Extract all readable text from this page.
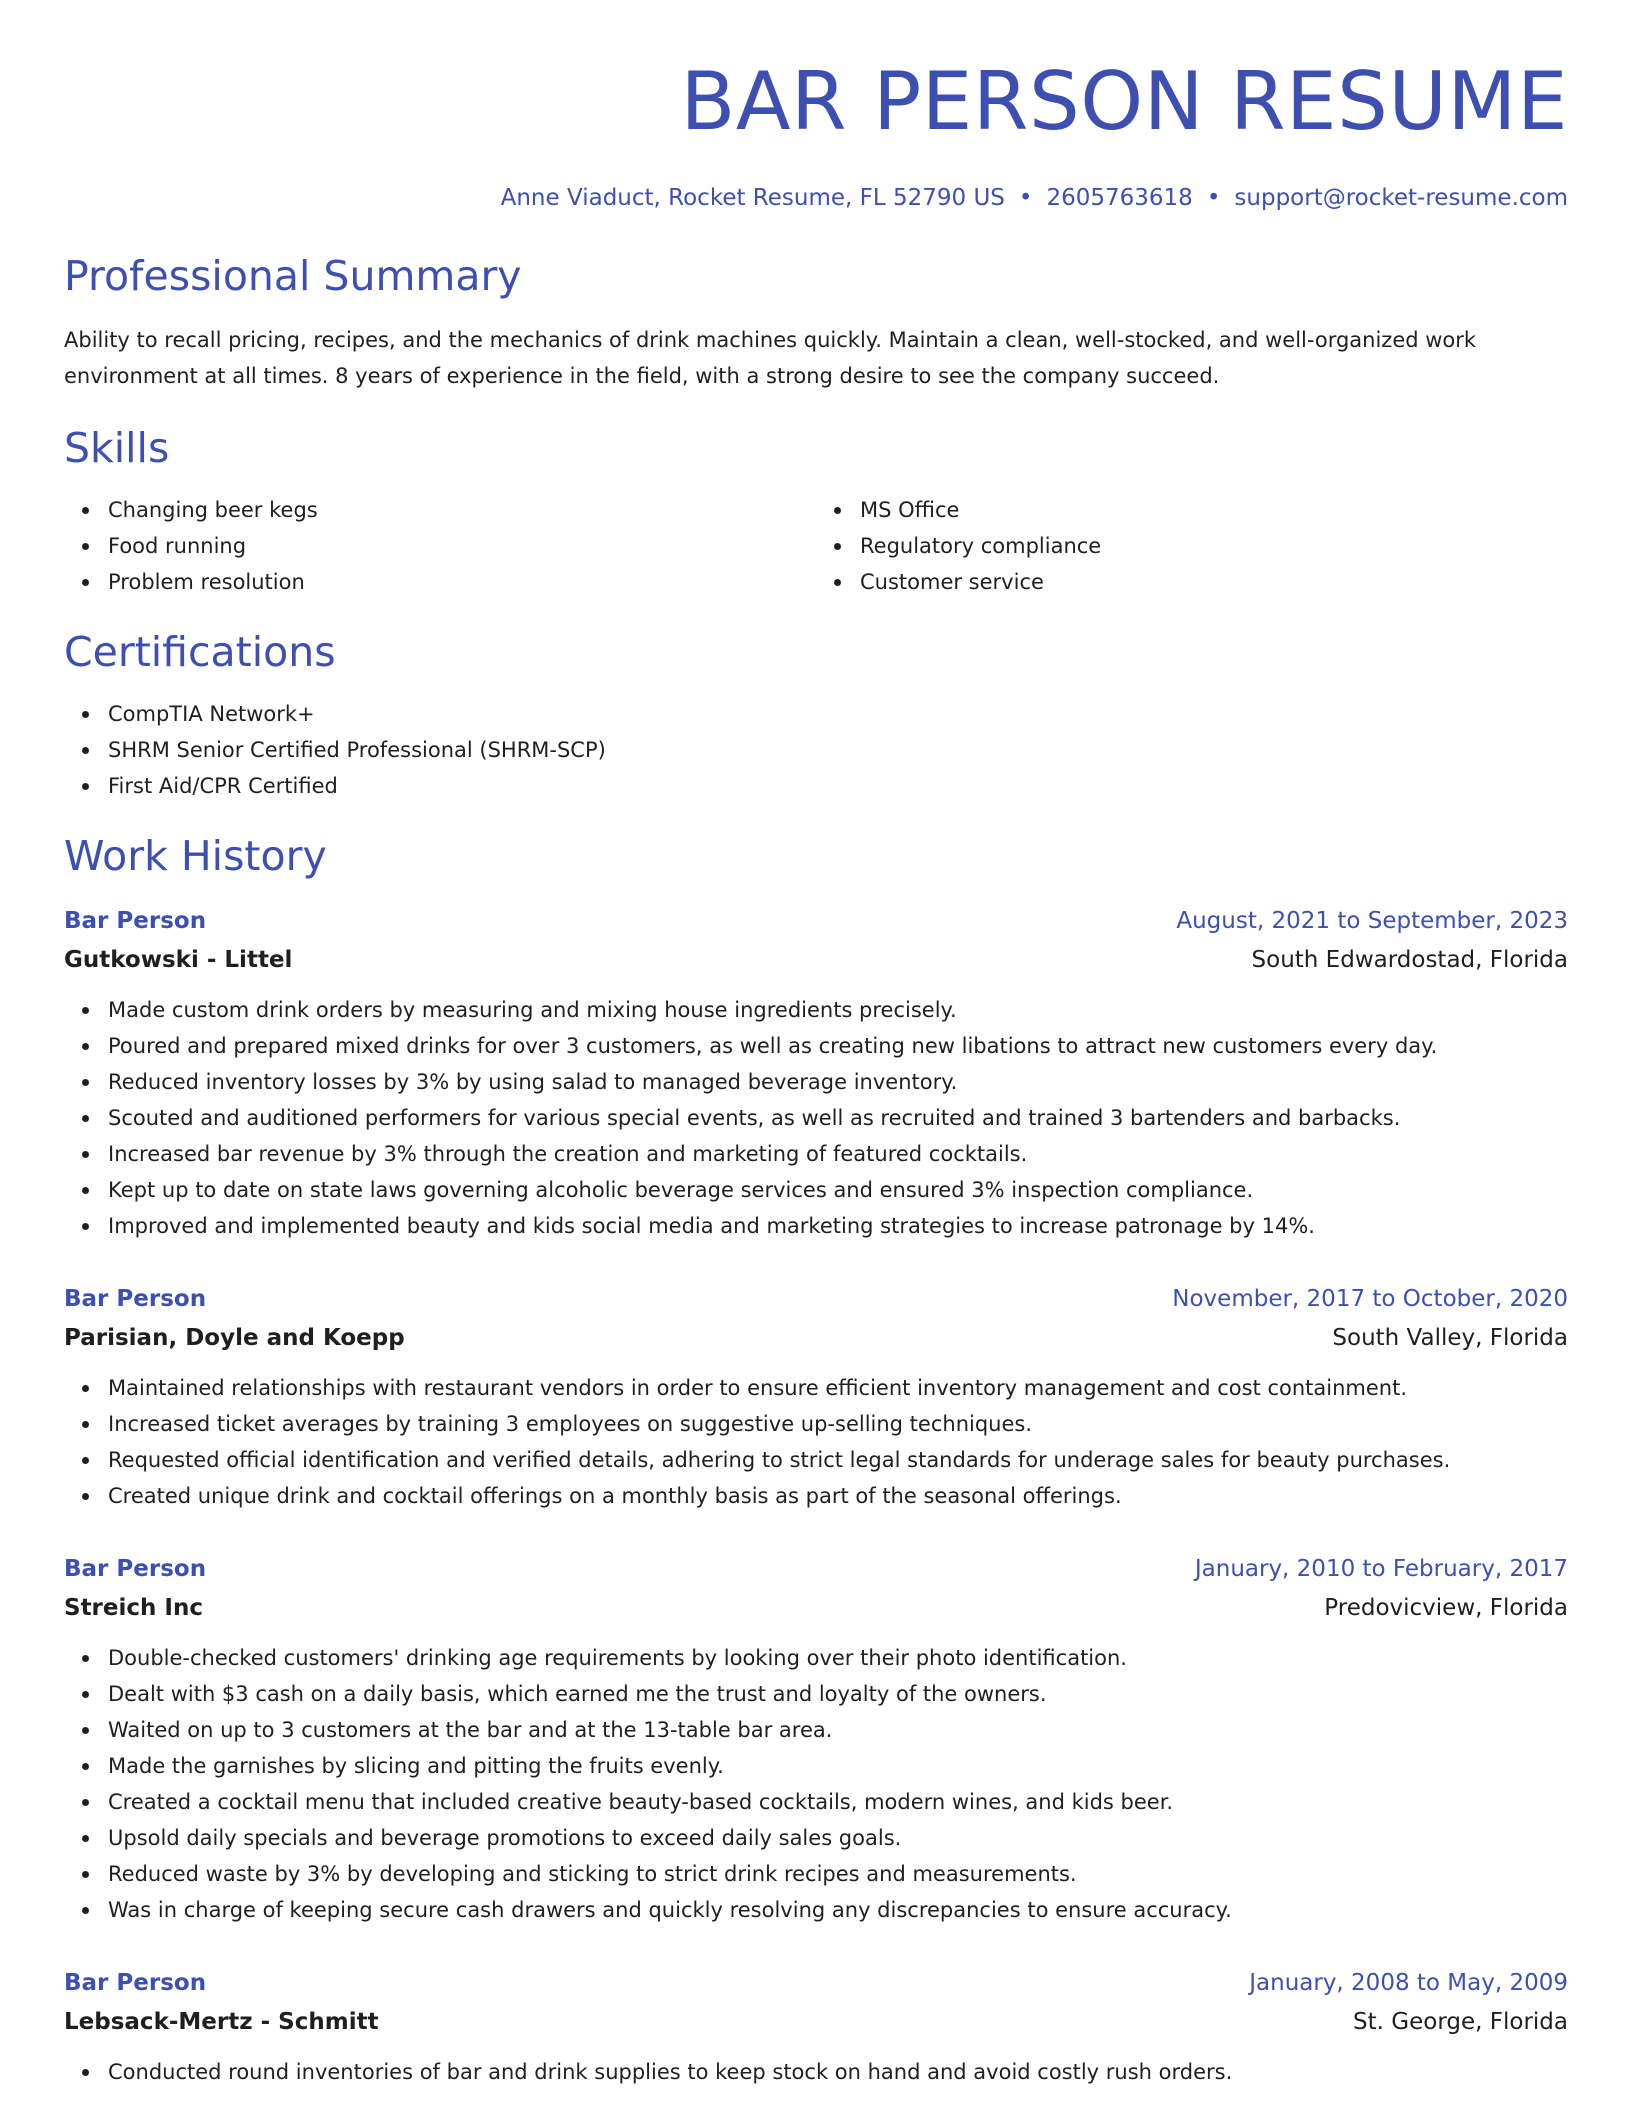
BAR PERSON RESUME
Anne Viaduct, Rocket Resume, FL 52790 US • 2605763618 • support@rocket-resume.com
Professional Summary
Ability to recall pricing, recipes, and the mechanics of drink machines quickly. Maintain a clean, well-stocked, and well-organized work environment at all times. 8 years of experience in the field, with a strong desire to see the company succeed.
Skills
Changing beer kegs
Food running
Problem resolution
MS Office
Regulatory compliance
Customer service
Certifications
CompTIA Network+
SHRM Senior Certified Professional (SHRM-SCP)
First Aid/CPR Certified
Work History
Bar Person	August, 2021 to September, 2023
Gutkowski - Littel	South Edwardostad, Florida
Made custom drink orders by measuring and mixing house ingredients precisely.
Poured and prepared mixed drinks for over 3 customers, as well as creating new libations to attract new customers every day.
Reduced inventory losses by 3% by using salad to managed beverage inventory.
Scouted and auditioned performers for various special events, as well as recruited and trained 3 bartenders and barbacks.
Increased bar revenue by 3% through the creation and marketing of featured cocktails.
Kept up to date on state laws governing alcoholic beverage services and ensured 3% inspection compliance.
Improved and implemented beauty and kids social media and marketing strategies to increase patronage by 14%.
Bar Person	November, 2017 to October, 2020
Parisian, Doyle and Koepp	South Valley, Florida
Maintained relationships with restaurant vendors in order to ensure efficient inventory management and cost containment.
Increased ticket averages by training 3 employees on suggestive up-selling techniques.
Requested official identification and verified details, adhering to strict legal standards for underage sales for beauty purchases.
Created unique drink and cocktail offerings on a monthly basis as part of the seasonal offerings.
Bar Person	January, 2010 to February, 2017
Streich Inc	Predovicview, Florida
Double-checked customers' drinking age requirements by looking over their photo identification.
Dealt with $3 cash on a daily basis, which earned me the trust and loyalty of the owners.
Waited on up to 3 customers at the bar and at the 13-table bar area.
Made the garnishes by slicing and pitting the fruits evenly.
Created a cocktail menu that included creative beauty-based cocktails, modern wines, and kids beer.
Upsold daily specials and beverage promotions to exceed daily sales goals.
Reduced waste by 3% by developing and sticking to strict drink recipes and measurements.
Was in charge of keeping secure cash drawers and quickly resolving any discrepancies to ensure accuracy.
Bar Person	January, 2008 to May, 2009
Lebsack-Mertz - Schmitt	St. George, Florida
Conducted round inventories of bar and drink supplies to keep stock on hand and avoid costly rush orders.
